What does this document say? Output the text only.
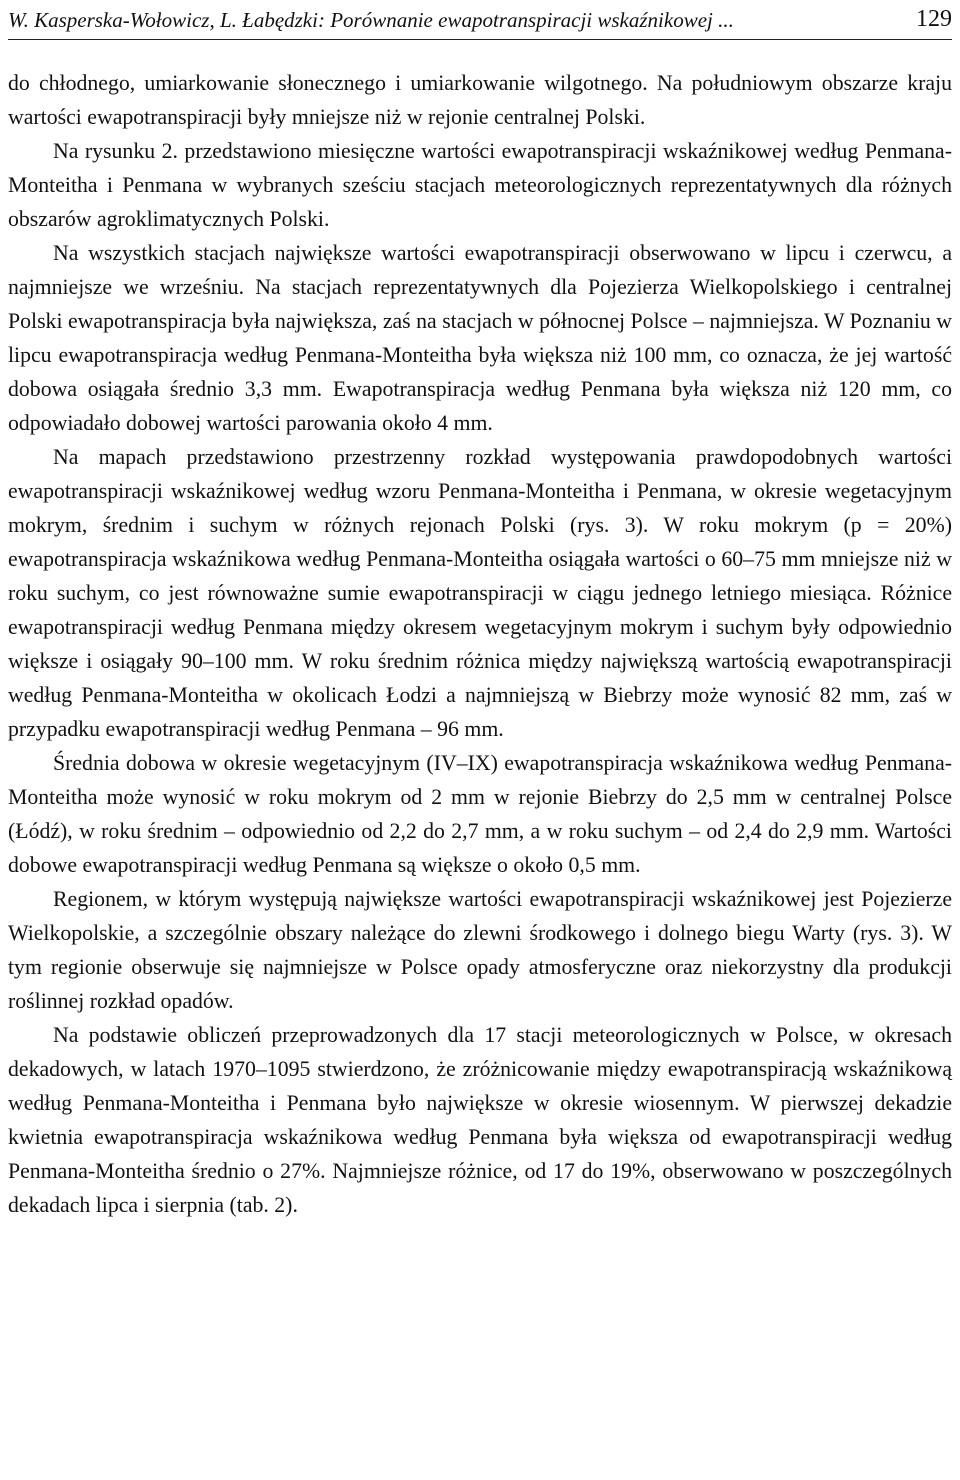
W. Kasperska-Wołowicz, L. Łabędzki: Porównanie ewapotranspiracji wskaźnikowej ...	129

do chłodnego, umiarkowanie słonecznego i umiarkowanie wilgotnego. Na południowym obszarze kraju wartości ewapotranspiracji były mniejsze niż w rejonie centralnej Polski.

Na rysunku 2. przedstawiono miesięczne wartości ewapotranspiracji wskaźnikowej według Penmana-Monteitha i Penmana w wybranych sześciu stacjach meteorologicznych reprezentatywnych dla różnych obszarów agroklimatycznych Polski.

Na wszystkich stacjach największe wartości ewapotranspiracji obserwowano w lipcu i czerwcu, a najmniejsze we wrześniu. Na stacjach reprezentatywnych dla Pojezierza Wielkopolskiego i centralnej Polski ewapotranspiracja była największa, zaś na stacjach w północnej Polsce – najmniejsza. W Poznaniu w lipcu ewapotranspiracja według Penmana-Monteitha była większa niż 100 mm, co oznacza, że jej wartość dobowa osiągała średnio 3,3 mm. Ewapotranspiracja według Penmana była większa niż 120 mm, co odpowiadało dobowej wartości parowania około 4 mm.

Na mapach przedstawiono przestrzenny rozkład występowania prawdopodobnych wartości ewapotranspiracji wskaźnikowej według wzoru Penmana-Monteitha i Penmana, w okresie wegetacyjnym mokrym, średnim i suchym w różnych rejonach Polski (rys. 3). W roku mokrym (p = 20%) ewapotranspiracja wskaźnikowa według Penmana-Monteitha osiągała wartości o 60–75 mm mniejsze niż w roku suchym, co jest równoważne sumie ewapotranspiracji w ciągu jednego letniego miesiąca. Różnice ewapotranspiracji według Penmana między okresem wegetacyjnym mokrym i suchym były odpowiednio większe i osiągały 90–100 mm. W roku średnim różnica między największą wartością ewapotranspiracji według Penmana-Monteitha w okolicach Łodzi a najmniejszą w Biebrzy może wynosić 82 mm, zaś w przypadku ewapotranspiracji według Penmana – 96 mm.

Średnia dobowa w okresie wegetacyjnym (IV–IX) ewapotranspiracja wskaźnikowa według Penmana-Monteitha może wynosić w roku mokrym od 2 mm w rejonie Biebrzy do 2,5 mm w centralnej Polsce (Łódź), w roku średnim – odpowiednio od 2,2 do 2,7 mm, a w roku suchym – od 2,4 do 2,9 mm. Wartości dobowe ewapotranspiracji według Penmana są większe o około 0,5 mm.

Regionem, w którym występują największe wartości ewapotranspiracji wskaźnikowej jest Pojezierze Wielkopolskie, a szczególnie obszary należące do zlewni środkowego i dolnego biegu Warty (rys. 3). W tym regionie obserwuje się najmniejsze w Polsce opady atmosferyczne oraz niekorzystny dla produkcji roślinnej rozkład opadów.

Na podstawie obliczeń przeprowadzonych dla 17 stacji meteorologicznych w Polsce, w okresach dekadowych, w latach 1970–1095 stwierdzono, że zróżnicowanie między ewapotranspiracją wskaźnikową według Penmana-Monteitha i Penmana było największe w okresie wiosennym. W pierwszej dekadzie kwietnia ewapotranspiracja wskaźnikowa według Penmana była większa od ewapotranspiracji według Penmana-Monteitha średnio o 27%. Najmniejsze różnice, od 17 do 19%, obserwowano w poszczególnych dekadach lipca i sierpnia (tab. 2).
